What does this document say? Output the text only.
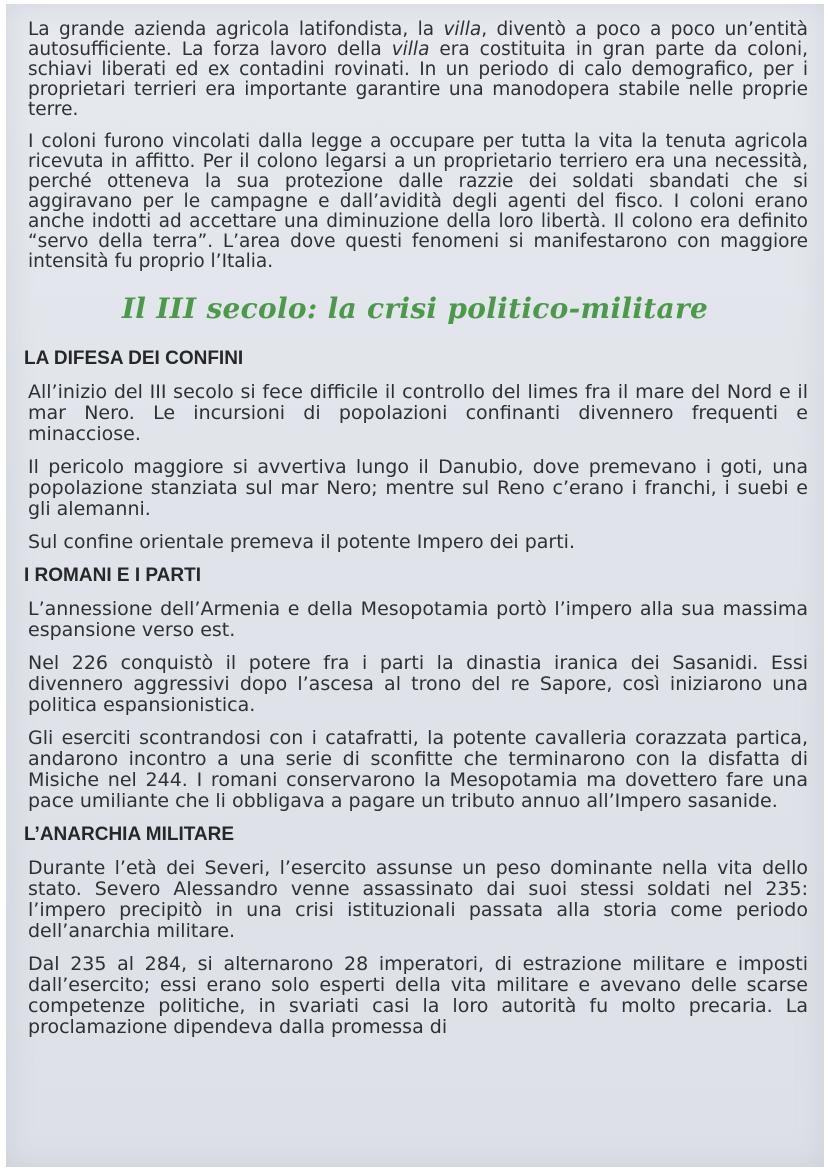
La grande azienda agricola latifondista, la villa, diventò a poco a poco un’entità autosufficiente. La forza lavoro della villa era costituita in gran parte da coloni, schiavi liberati ed ex contadini rovinati. In un periodo di calo demografico, per i proprietari terrieri era importante garantire una manodopera stabile nelle proprie terre.

I coloni furono vincolati dalla legge a occupare per tutta la vita la tenuta agricola ricevuta in affitto. Per il colono legarsi a un proprietario terriero era una necessità, perché otteneva la sua protezione dalle razzie dei soldati sbandati che si aggiravano per le campagne e dall’avidità degli agenti del fisco. I coloni erano anche indotti ad accettare una diminuzione della loro libertà. Il colono era definito “servo della terra”. L’area dove questi fenomeni si manifestarono con maggiore intensità fu proprio l’Italia.

Il III secolo: la crisi politico-militare
LA DIFESA DEI CONFINI

All’inizio del III secolo si fece difficile il controllo del limes fra il mare del Nord e il mar Nero. Le incursioni di popolazioni confinanti divennero frequenti e minacciose.

Il pericolo maggiore si avvertiva lungo il Danubio, dove premevano i goti, una popolazione stanziata sul mar Nero; mentre sul Reno c’erano i franchi, i suebi e gli alemanni.

Sul confine orientale premeva il potente Impero dei parti.

I ROMANI E I PARTI

L’annessione dell’Armenia e della Mesopotamia portò l’impero alla sua massima espansione verso est.

Nel 226 conquistò il potere fra i parti la dinastia iranica dei Sasanidi. Essi divennero aggressivi dopo l’ascesa al trono del re Sapore, così iniziarono una politica espansionistica.

Gli eserciti scontrandosi con i catafratti, la potente cavalleria corazzata partica, andarono incontro a una serie di sconfitte che terminarono con la disfatta di Misiche nel 244. I romani conservarono la Mesopotamia ma dovettero fare una pace umiliante che li obbligava a pagare un tributo annuo all’Impero sasanide.

L’ANARCHIA MILITARE

Durante l’età dei Severi, l’esercito assunse un peso dominante nella vita dello stato. Severo Alessandro venne assassinato dai suoi stessi soldati nel 235: l’impero precipitò in una crisi istituzionali passata alla storia come periodo dell’anarchia militare.

Dal 235 al 284, si alternarono 28 imperatori, di estrazione militare e imposti dall’esercito; essi erano solo esperti della vita militare e avevano delle scarse competenze politiche, in svariati casi la loro autorità fu molto precaria. La proclamazione dipendeva dalla promessa di
